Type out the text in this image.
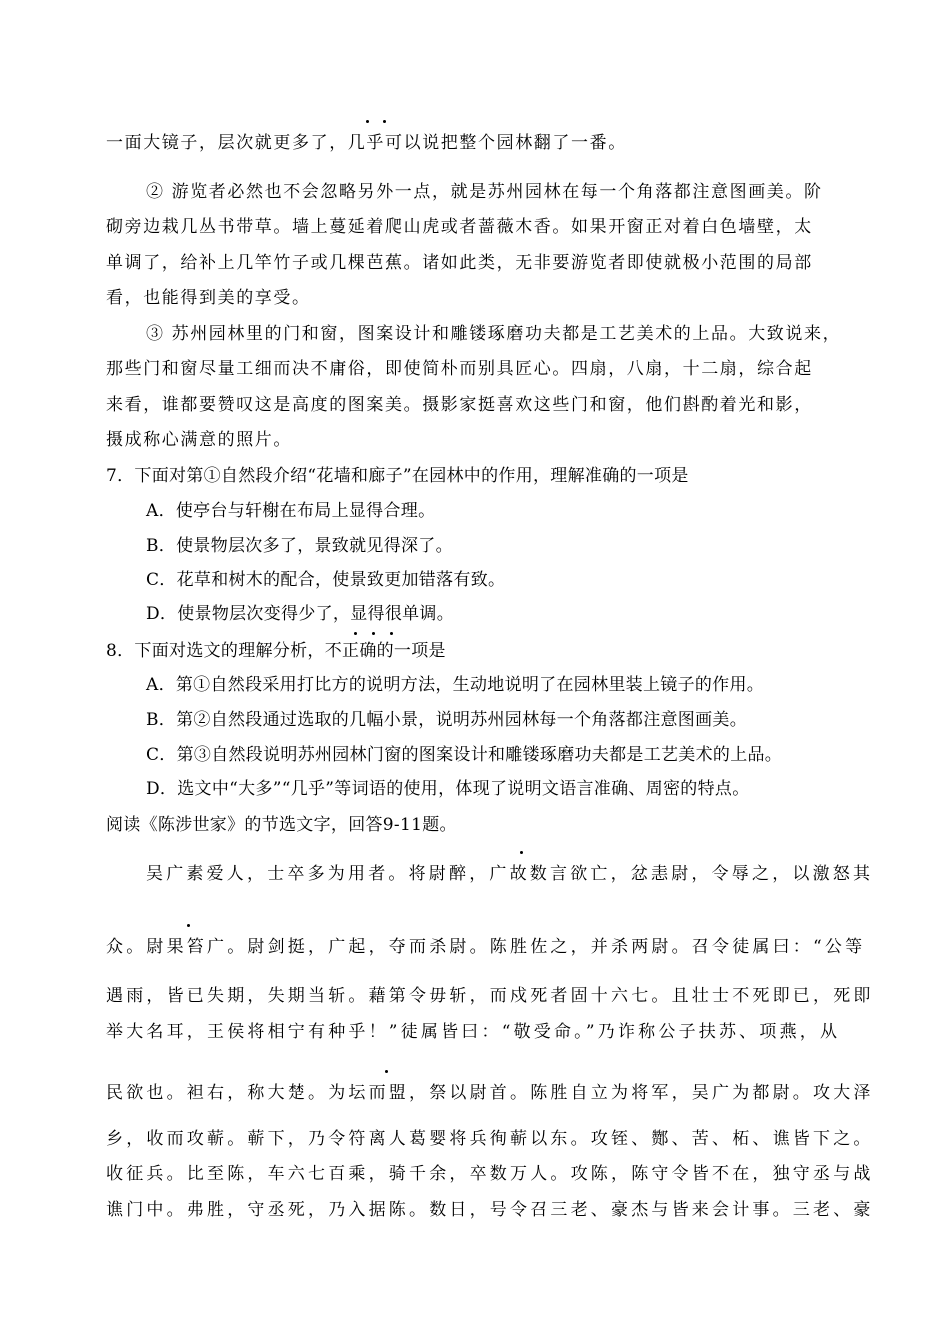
一面大镜子，层次就更多了，几乎可以说把整个园林翻了一番。
② 游览者必然也不会忽略另外一点，就是苏州园林在每一个角落都注意图画美。阶
砌旁边栽几丛书带草。墙上蔓延着爬山虎或者蔷薇木香。如果开窗正对着白色墙壁，太
单调了，给补上几竿竹子或几棵芭蕉。诸如此类，无非要游览者即使就极小范围的局部
看，也能得到美的享受。
③ 苏州园林里的门和窗，图案设计和雕镂琢磨功夫都是工艺美术的上品。大致说来，
那些门和窗尽量工细而决不庸俗，即使简朴而别具匠心。四扇，八扇，十二扇，综合起
来看，谁都要赞叹这是高度的图案美。摄影家挺喜欢这些门和窗，他们斟酌着光和影，
摄成称心满意的照片。
7．下面对第①自然段介绍“花墙和廊子”在园林中的作用，理解准确的一项是
A．使亭台与轩榭在布局上显得合理。
B．使景物层次多了，景致就见得深了。
C．花草和树木的配合，使景致更加错落有致。
D．使景物层次变得少了，显得很单调。
8．下面对选文的理解分析，不正确的一项是
A．第①自然段采用打比方的说明方法，生动地说明了在园林里装上镜子的作用。
B．第②自然段通过选取的几幅小景，说明苏州园林每一个角落都注意图画美。
C．第③自然段说明苏州园林门窗的图案设计和雕镂琢磨功夫都是工艺美术的上品。
D．选文中“大多”“几乎”等词语的使用，体现了说明文语言准确、周密的特点。
阅读《陈涉世家》的节选文字，回答9-11题。
吴广素爱人，士卒多为用者。将尉醉，广故数言欲亡，忿恚尉，令辱之，以激怒其
众。尉果笞广。尉剑挺，广起，夺而杀尉。陈胜佐之，并杀两尉。召令徒属曰：“公等
遇雨，皆已失期，失期当斩。藉第令毋斩，而戍死者固十六七。且壮士不死即已，死即
举大名耳，王侯将相宁有种乎！”徒属皆曰：“敬受命。”乃诈称公子扶苏、项燕，从
民欲也。袒右，称大楚。为坛而盟，祭以尉首。陈胜自立为将军，吴广为都尉。攻大泽
乡，收而攻蕲。蕲下，乃令符离人葛婴将兵徇蕲以东。攻铚、酂、苦、柘、谯皆下之。
收征兵。比至陈，车六七百乘，骑千余，卒数万人。攻陈，陈守令皆不在，独守丞与战
谯门中。弗胜，守丞死，乃入据陈。数日，号令召三老、豪杰与皆来会计事。三老、豪
